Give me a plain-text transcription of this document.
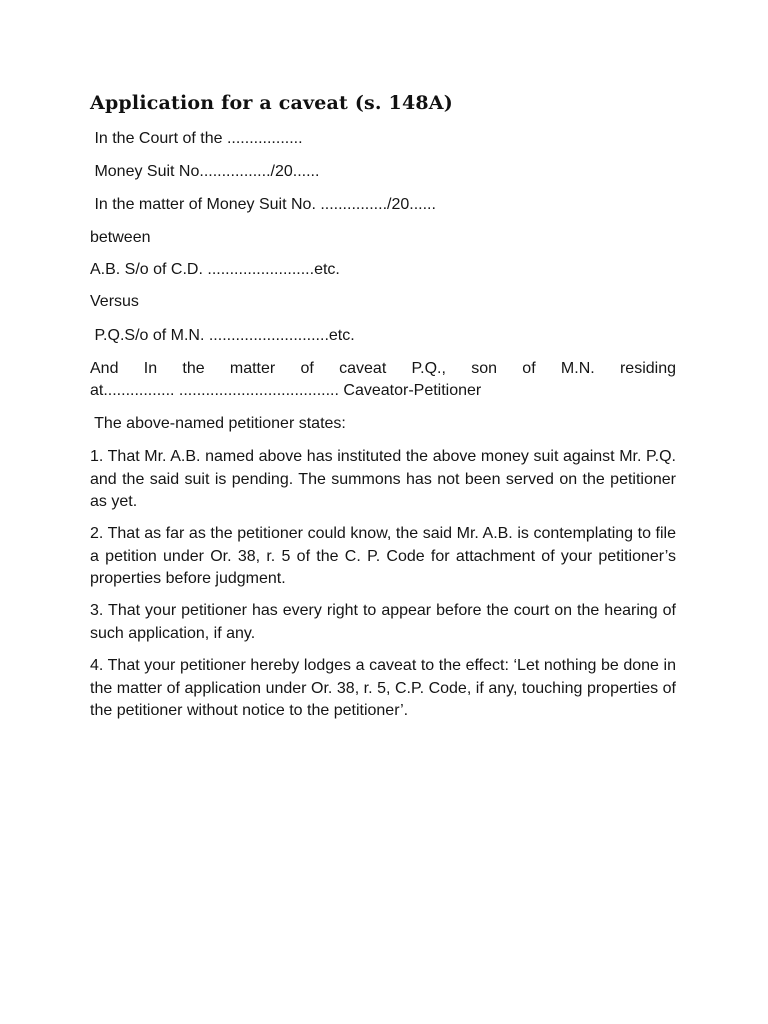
Application for a caveat (s. 148A)

In the Court of the .................

Money Suit No................/20......

In the matter of Money Suit No. .............../20......

between

A.B. S/o of C.D. ........................etc.

Versus

P.Q.S/o of M.N. ...........................etc.

And In the matter of caveat P.Q., son of M.N. residing

at................ .................................... Caveator-Petitioner

The above-named petitioner states:

1. That Mr. A.B. named above has instituted the above money suit against Mr. P.Q. and the said suit is pending. The summons has not been served on the petitioner as yet.

2. That as far as the petitioner could know, the said Mr. A.B. is contemplating to file a petition under Or. 38, r. 5 of the C. P. Code for attachment of your petitioner’s properties before judgment.

3. That your petitioner has every right to appear before the court on the hearing of such application, if any.

4. That your petitioner hereby lodges a caveat to the effect: ‘Let nothing be done in the matter of application under Or. 38, r. 5, C.P. Code, if any, touching properties of the petitioner without notice to the petitioner’.
